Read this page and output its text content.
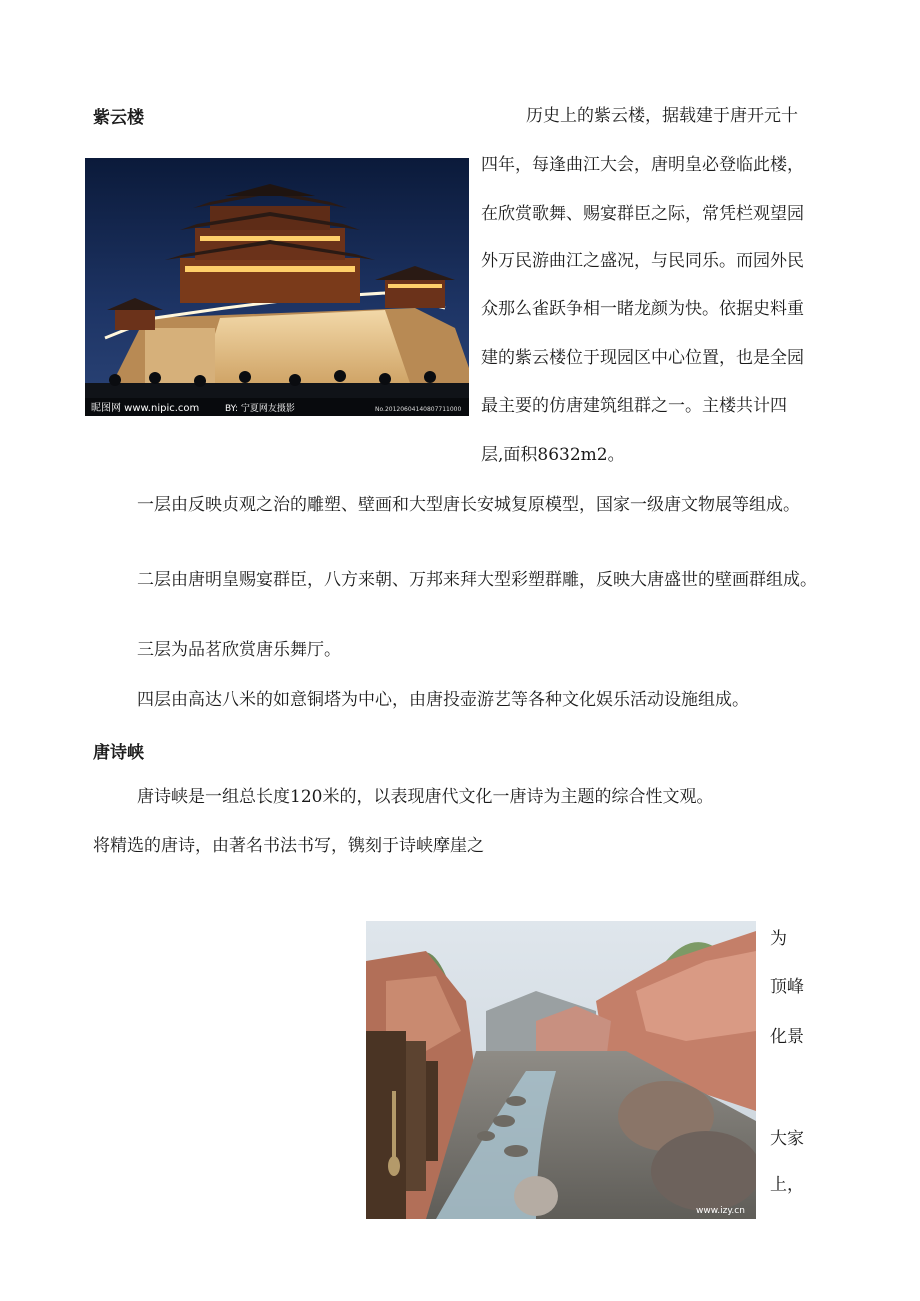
紫云楼
昵图网 www.nipic.com	BY: 宁夏网友摄影	No.20120604140807711000
历史上的紫云楼，据载建于唐开元十
四年，每逢曲江大会，唐明皇必登临此楼，
在欣赏歌舞、赐宴群臣之际，常凭栏观望园
外万民游曲江之盛况，与民同乐。而园外民
众那么雀跃争相一睹龙颜为快。依据史料重
建的紫云楼位于现园区中心位置，也是全园
最主要的仿唐建筑组群之一。主楼共计四
层,面积8632m2。
一层由反映贞观之治的雕塑、壁画和大型唐长安城复原模型，国家一级唐文物展等组成。
二层由唐明皇赐宴群臣，八方来朝、万邦来拜大型彩塑群雕，反映大唐盛世的壁画群组成。
三层为品茗欣赏唐乐舞厅。
四层由高达八米的如意铜塔为中心，由唐投壶游艺等各种文化娱乐活动设施组成。
唐诗峡
唐诗峡是一组总长度120米的，以表现唐代文化一唐诗为主题的综合性文观。
将精选的唐诗，由著名书法书写，镌刻于诗峡摩崖之
www.izy.cn
为
顶峰
化景
大家
上，
